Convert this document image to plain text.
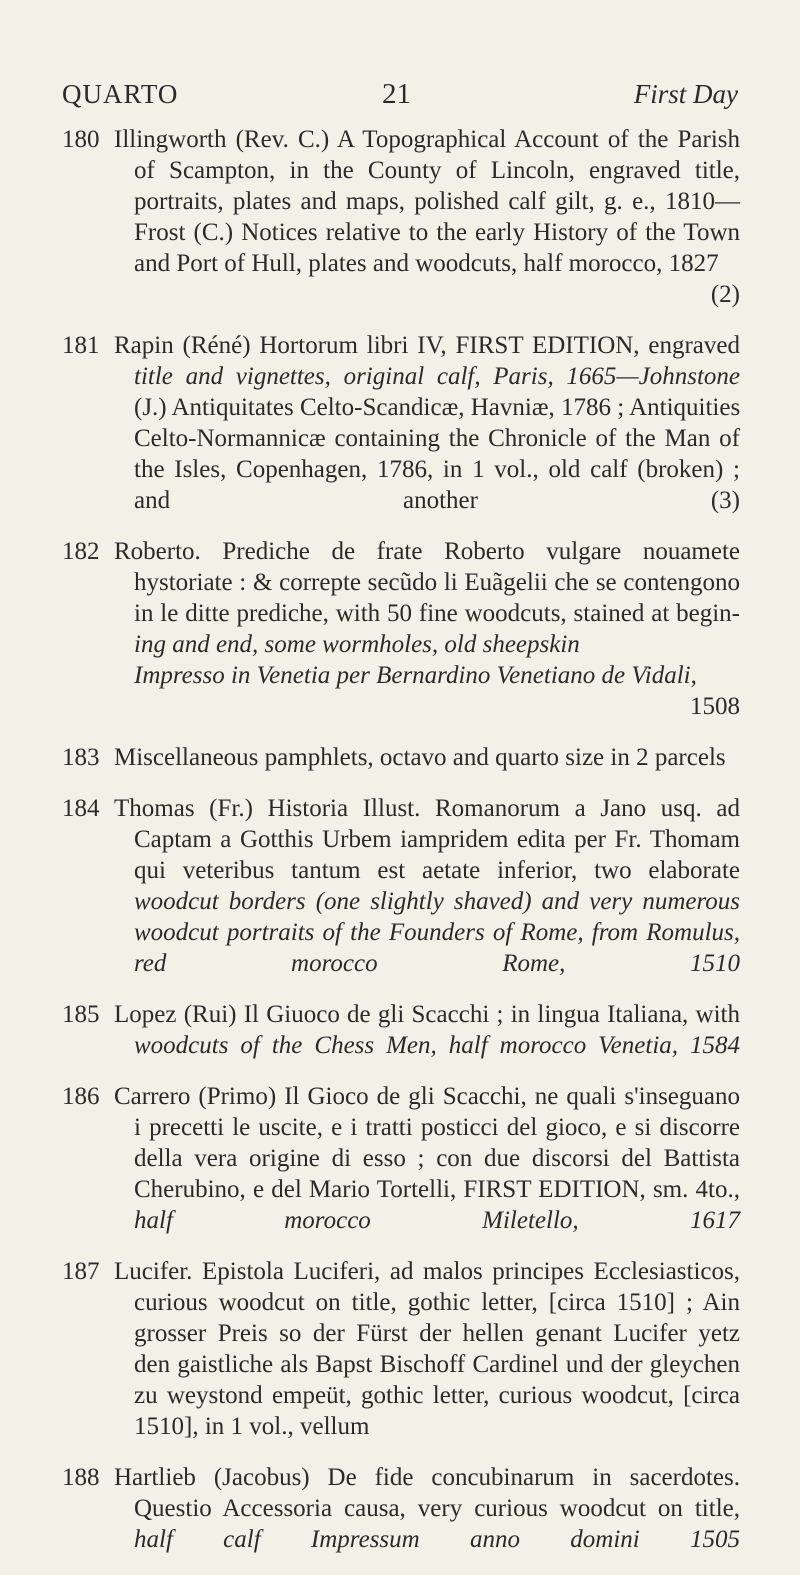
QUARTO	21	First Day
180 Illingworth (Rev. C.) A Topographical Account of the Parish
of Scampton, in the County of Lincoln, engraved title,
portraits, plates and maps, polished calf gilt, g. e., 1810—
Frost (C.) Notices relative to the early History of the Town
and Port of Hull, plates and woodcuts, half morocco, 1827
(2)
181 Rapin (Réné) Hortorum libri IV, FIRST EDITION, engraved
title and vignettes, original calf, Paris, 1665—Johnstone
(J.) Antiquitates Celto-Scandicæ, Havniæ, 1786 ; Antiquities
Celto-Normannicæ containing the Chronicle of the Man of
the Isles, Copenhagen, 1786, in 1 vol., old calf (broken) ;
and another (3)
182 Roberto. Prediche de frate Roberto vulgare nouamete
hystoriate : & correpte secũdo li Euãgelii che se contengono
in le ditte prediche, with 50 fine woodcuts, stained at begin-
ing and end, some wormholes, old sheepskin
Impresso in Venetia per Bernardino Venetiano de Vidali,
1508
183 Miscellaneous pamphlets, octavo and quarto size in 2 parcels
184 Thomas (Fr.) Historia Illust. Romanorum a Jano usq. ad
Captam a Gotthis Urbem iampridem edita per Fr. Thomam
qui veteribus tantum est aetate inferior, two elaborate
woodcut borders (one slightly shaved) and very numerous
woodcut portraits of the Founders of Rome, from Romulus,
red morocco Rome, 1510
185 Lopez (Rui) Il Giuoco de gli Scacchi ; in lingua Italiana, with
woodcuts of the Chess Men, half morocco Venetia, 1584
186 Carrero (Primo) Il Gioco de gli Scacchi, ne quali s'inseguano
i precetti le uscite, e i tratti posticci del gioco, e si discorre
della vera origine di esso ; con due discorsi del Battista
Cherubino, e del Mario Tortelli, FIRST EDITION, sm. 4to.,
half morocco Miletello, 1617
187 Lucifer. Epistola Luciferi, ad malos principes Ecclesiasticos,
curious woodcut on title, gothic letter, [circa 1510] ; Ain
grosser Preis so der Fürst der hellen genant Lucifer yetz
den gaistliche als Bapst Bischoff Cardinel und der gleychen
zu weystond empeüt, gothic letter, curious woodcut, [circa
1510], in 1 vol., vellum
188 Hartlieb (Jacobus) De fide concubinarum in sacerdotes.
Questio Accessoria causa, very curious woodcut on title,
half calf Impressum anno domini 1505
